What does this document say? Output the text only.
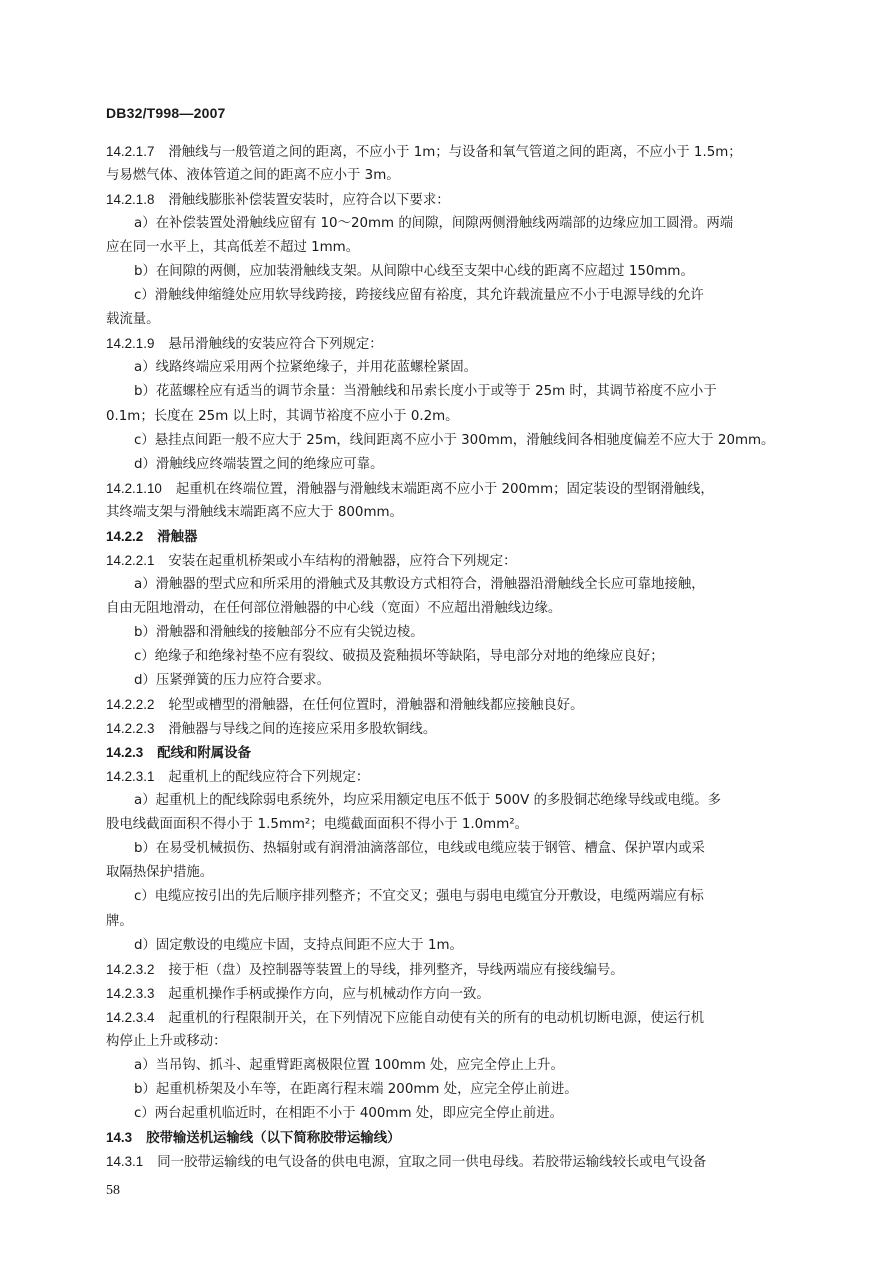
DB32/T998—2007
14.2.1.7 滑触线与一般管道之间的距离，不应小于 1m；与设备和氧气管道之间的距离，不应小于 1.5m；
与易燃气体、液体管道之间的距离不应小于 3m。
14.2.1.8 滑触线膨胀补偿装置安装时，应符合以下要求：
a）在补偿装置处滑触线应留有 10～20mm 的间隙，间隙两侧滑触线两端部的边缘应加工圆滑。两端
应在同一水平上，其高低差不超过 1mm。
b）在间隙的两侧，应加装滑触线支架。从间隙中心线至支架中心线的距离不应超过 150mm。
c）滑触线伸缩缝处应用软导线跨接，跨接线应留有裕度，其允许载流量应不小于电源导线的允许
载流量。
14.2.1.9 悬吊滑触线的安装应符合下列规定：
a）线路终端应采用两个拉紧绝缘子，并用花蓝螺栓紧固。
b）花蓝螺栓应有适当的调节余量：当滑触线和吊索长度小于或等于 25m 时，其调节裕度不应小于
0.1m；长度在 25m 以上时，其调节裕度不应小于 0.2m。
c）悬挂点间距一般不应大于 25m，线间距离不应小于 300mm，滑触线间各相驰度偏差不应大于 20mm。
d）滑触线应终端装置之间的绝缘应可靠。
14.2.1.10 起重机在终端位置，滑触器与滑触线末端距离不应小于 200mm；固定装设的型钢滑触线，
其终端支架与滑触线末端距离不应大于 800mm。
14.2.2 滑触器
14.2.2.1 安装在起重机桥架或小车结构的滑触器，应符合下列规定：
a）滑触器的型式应和所采用的滑触式及其敷设方式相符合，滑触器沿滑触线全长应可靠地接触，
自由无阻地滑动，在任何部位滑触器的中心线（宽面）不应超出滑触线边缘。
b）滑触器和滑触线的接触部分不应有尖锐边棱。
c）绝缘子和绝缘衬垫不应有裂纹、破损及瓷釉损坏等缺陷，导电部分对地的绝缘应良好；
d）压紧弹簧的压力应符合要求。
14.2.2.2 轮型或槽型的滑触器，在任何位置时，滑触器和滑触线都应接触良好。
14.2.2.3 滑触器与导线之间的连接应采用多股软铜线。
14.2.3 配线和附属设备
14.2.3.1 起重机上的配线应符合下列规定：
a）起重机上的配线除弱电系统外，均应采用额定电压不低于 500V 的多股铜芯绝缘导线或电缆。多
股电线截面面积不得小于 1.5mm²；电缆截面面积不得小于 1.0mm²。
b）在易受机械损伤、热辐射或有润滑油滴落部位，电线或电缆应装于钢管、槽盒、保护罩内或采
取隔热保护措施。
c）电缆应按引出的先后顺序排列整齐；不宜交叉；强电与弱电电缆宜分开敷设，电缆两端应有标
牌。
d）固定敷设的电缆应卡固，支持点间距不应大于 1m。
14.2.3.2 接于柜（盘）及控制器等装置上的导线，排列整齐，导线两端应有接线编号。
14.2.3.3 起重机操作手柄或操作方向，应与机械动作方向一致。
14.2.3.4 起重机的行程限制开关，在下列情况下应能自动使有关的所有的电动机切断电源，使运行机
构停止上升或移动：
a）当吊钩、抓斗、起重臂距离极限位置 100mm 处，应完全停止上升。
b）起重机桥架及小车等，在距离行程末端 200mm 处，应完全停止前进。
c）两台起重机临近时，在相距不小于 400mm 处，即应完全停止前进。
14.3 胶带输送机运输线（以下简称胶带运输线）
14.3.1 同一胶带运输线的电气设备的供电电源，宜取之同一供电母线。若胶带运输线较长或电气设备
58
